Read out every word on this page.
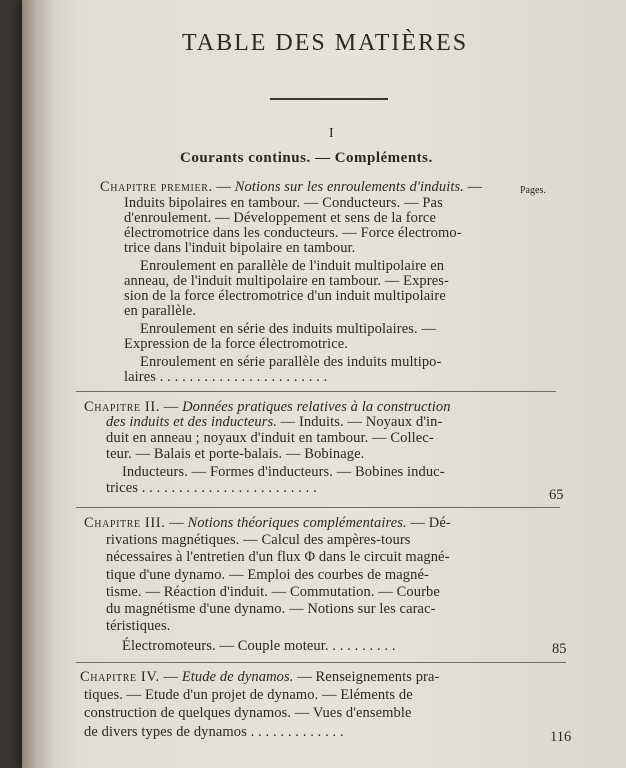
TABLE DES MATIÈRES
I
Courants continus. — Compléments.
Pages.
Chapitre premier. — Notions sur les enroulements d'induits. —
Induits bipolaires en tambour. — Conducteurs. — Pas
d'enroulement. — Développement et sens de la force
électromotrice dans les conducteurs. — Force électromo-
trice dans l'induit bipolaire en tambour.
Enroulement en parallèle de l'induit multipolaire en
anneau, de l'induit multipolaire en tambour. — Expres-
sion de la force électromotrice d'un induit multipolaire
en parallèle.
Enroulement en série des induits multipolaires. —
Expression de la force électromotrice.
Enroulement en série parallèle des induits multipo-
laires . . . . . . . . . . . . . . . . . . . . . . .
Chapitre II. — Données pratiques relatives à la construction
des induits et des inducteurs. — Induits. — Noyaux d'in-
duit en anneau ; noyaux d'induit en tambour. — Collec-
teur. — Balais et porte-balais. — Bobinage.
Inducteurs. — Formes d'inducteurs. — Bobines induc-
trices . . . . . . . . . . . . . . . . . . . . . . . .	65
Chapitre III. — Notions théoriques complémentaires. — Dé-
rivations magnétiques. — Calcul des ampères-tours
nécessaires à l'entretien d'un flux Φ dans le circuit magné-
tique d'une dynamo. — Emploi des courbes de magné-
tisme. — Réaction d'induit. — Commutation. — Courbe
du magnétisme d'une dynamo. — Notions sur les carac-
téristiques.
Électromoteurs. — Couple moteur. . . . . . . . . .	85
Chapitre IV. — Etude de dynamos. — Renseignements pra-
tiques. — Etude d'un projet de dynamo. — Eléments de
construction de quelques dynamos. — Vues d'ensemble
de divers types de dynamos . . . . . . . . . . . . .	116
